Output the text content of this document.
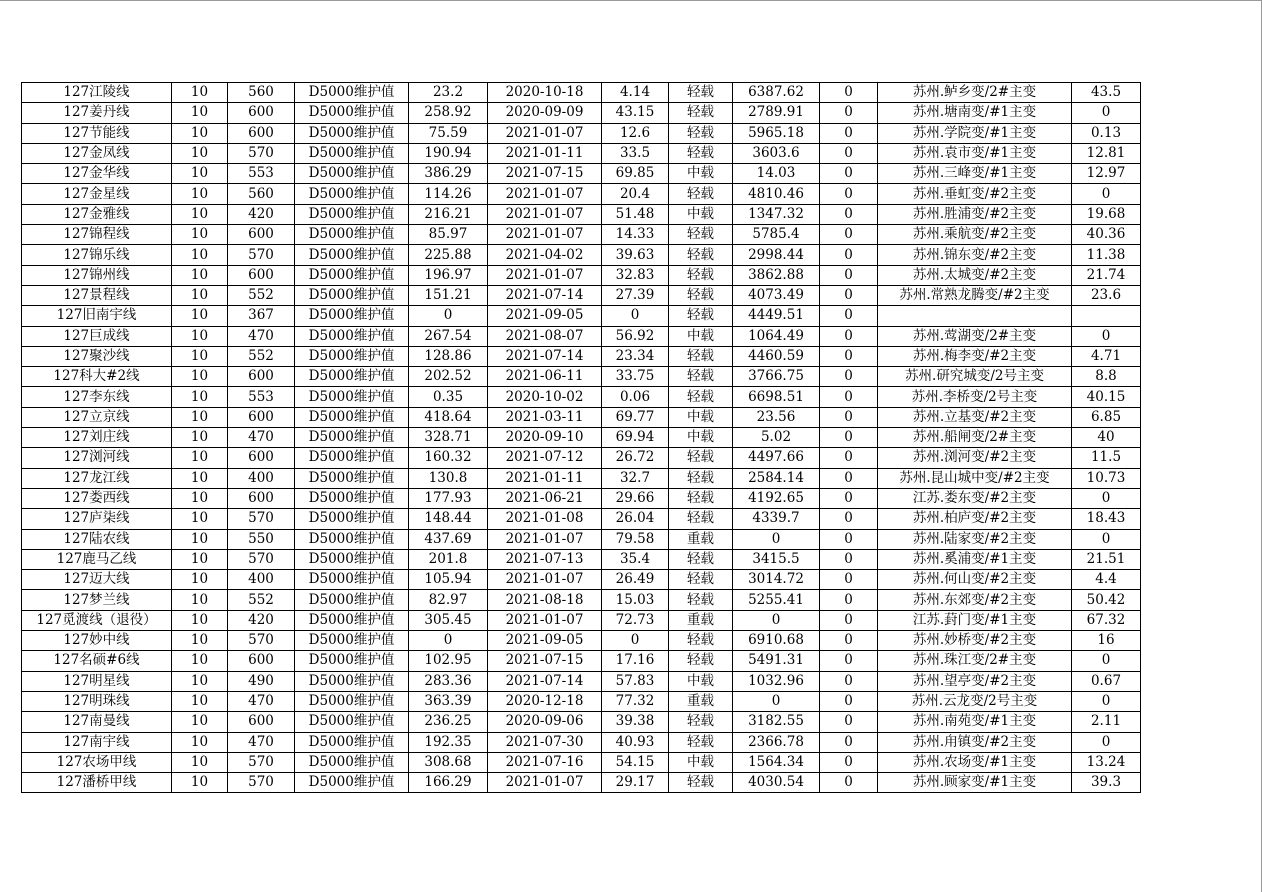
127江陵线	10	560	D5000维护值	23.2	2020-10-18	4.14	轻载	6387.62	0	苏州.鲈乡变/2#主变	43.5
127姜丹线	10	600	D5000维护值	258.92	2020-09-09	43.15	轻载	2789.91	0	苏州.塘南变/#1主变	0
127节能线	10	600	D5000维护值	75.59	2021-01-07	12.6	轻载	5965.18	0	苏州.学院变/#1主变	0.13
127金凤线	10	570	D5000维护值	190.94	2021-01-11	33.5	轻载	3603.6	0	苏州.袁市变/#1主变	12.81
127金华线	10	553	D5000维护值	386.29	2021-07-15	69.85	中载	14.03	0	苏州.三峰变/#1主变	12.97
127金星线	10	560	D5000维护值	114.26	2021-01-07	20.4	轻载	4810.46	0	苏州.垂虹变/#2主变	0
127金雅线	10	420	D5000维护值	216.21	2021-01-07	51.48	中载	1347.32	0	苏州.胜浦变/#2主变	19.68
127锦程线	10	600	D5000维护值	85.97	2021-01-07	14.33	轻载	5785.4	0	苏州.乘航变/#2主变	40.36
127锦乐线	10	570	D5000维护值	225.88	2021-04-02	39.63	轻载	2998.44	0	苏州.锦东变/#2主变	11.38
127锦州线	10	600	D5000维护值	196.97	2021-01-07	32.83	轻载	3862.88	0	苏州.太城变/#2主变	21.74
127景程线	10	552	D5000维护值	151.21	2021-07-14	27.39	轻载	4073.49	0	苏州.常熟龙腾变/#2主变	23.6
127旧南宇线	10	367	D5000维护值	0	2021-09-05	0	轻载	4449.51	0		
127巨成线	10	470	D5000维护值	267.54	2021-08-07	56.92	中载	1064.49	0	苏州.莺湖变/2#主变	0
127聚沙线	10	552	D5000维护值	128.86	2021-07-14	23.34	轻载	4460.59	0	苏州.梅李变/#2主变	4.71
127科大#2线	10	600	D5000维护值	202.52	2021-06-11	33.75	轻载	3766.75	0	苏州.研究城变/2号主变	8.8
127李东线	10	553	D5000维护值	0.35	2020-10-02	0.06	轻载	6698.51	0	苏州.李桥变/2号主变	40.15
127立京线	10	600	D5000维护值	418.64	2021-03-11	69.77	中载	23.56	0	苏州.立基变/#2主变	6.85
127刘庄线	10	470	D5000维护值	328.71	2020-09-10	69.94	中载	5.02	0	苏州.船闸变/2#主变	40
127浏河线	10	600	D5000维护值	160.32	2021-07-12	26.72	轻载	4497.66	0	苏州.浏河变/#2主变	11.5
127龙江线	10	400	D5000维护值	130.8	2021-01-11	32.7	轻载	2584.14	0	苏州.昆山城中变/#2主变	10.73
127娄西线	10	600	D5000维护值	177.93	2021-06-21	29.66	轻载	4192.65	0	江苏.娄东变/#2主变	0
127庐柒线	10	570	D5000维护值	148.44	2021-01-08	26.04	轻载	4339.7	0	苏州.柏庐变/#2主变	18.43
127陆农线	10	550	D5000维护值	437.69	2021-01-07	79.58	重载	0	0	苏州.陆家变/#2主变	0
127鹿马乙线	10	570	D5000维护值	201.8	2021-07-13	35.4	轻载	3415.5	0	苏州.奚浦变/#1主变	21.51
127迈大线	10	400	D5000维护值	105.94	2021-01-07	26.49	轻载	3014.72	0	苏州.何山变/#2主变	4.4
127梦兰线	10	552	D5000维护值	82.97	2021-08-18	15.03	轻载	5255.41	0	苏州.东郊变/#2主变	50.42
127觅渡线（退役）	10	420	D5000维护值	305.45	2021-01-07	72.73	重载	0	0	江苏.葑门变/#1主变	67.32
127妙中线	10	570	D5000维护值	0	2021-09-05	0	轻载	6910.68	0	苏州.妙桥变/#2主变	16
127名硕#6线	10	600	D5000维护值	102.95	2021-07-15	17.16	轻载	5491.31	0	苏州.珠江变/2#主变	0
127明星线	10	490	D5000维护值	283.36	2021-07-14	57.83	中载	1032.96	0	苏州.望亭变/#2主变	0.67
127明珠线	10	470	D5000维护值	363.39	2020-12-18	77.32	重载	0	0	苏州.云龙变/2号主变	0
127南曼线	10	600	D5000维护值	236.25	2020-09-06	39.38	轻载	3182.55	0	苏州.南苑变/#1主变	2.11
127南宇线	10	470	D5000维护值	192.35	2021-07-30	40.93	轻载	2366.78	0	苏州.甪镇变/#2主变	0
127农场甲线	10	570	D5000维护值	308.68	2021-07-16	54.15	中载	1564.34	0	苏州.农场变/#1主变	13.24
127潘桥甲线	10	570	D5000维护值	166.29	2021-01-07	29.17	轻载	4030.54	0	苏州.顾家变/#1主变	39.3
